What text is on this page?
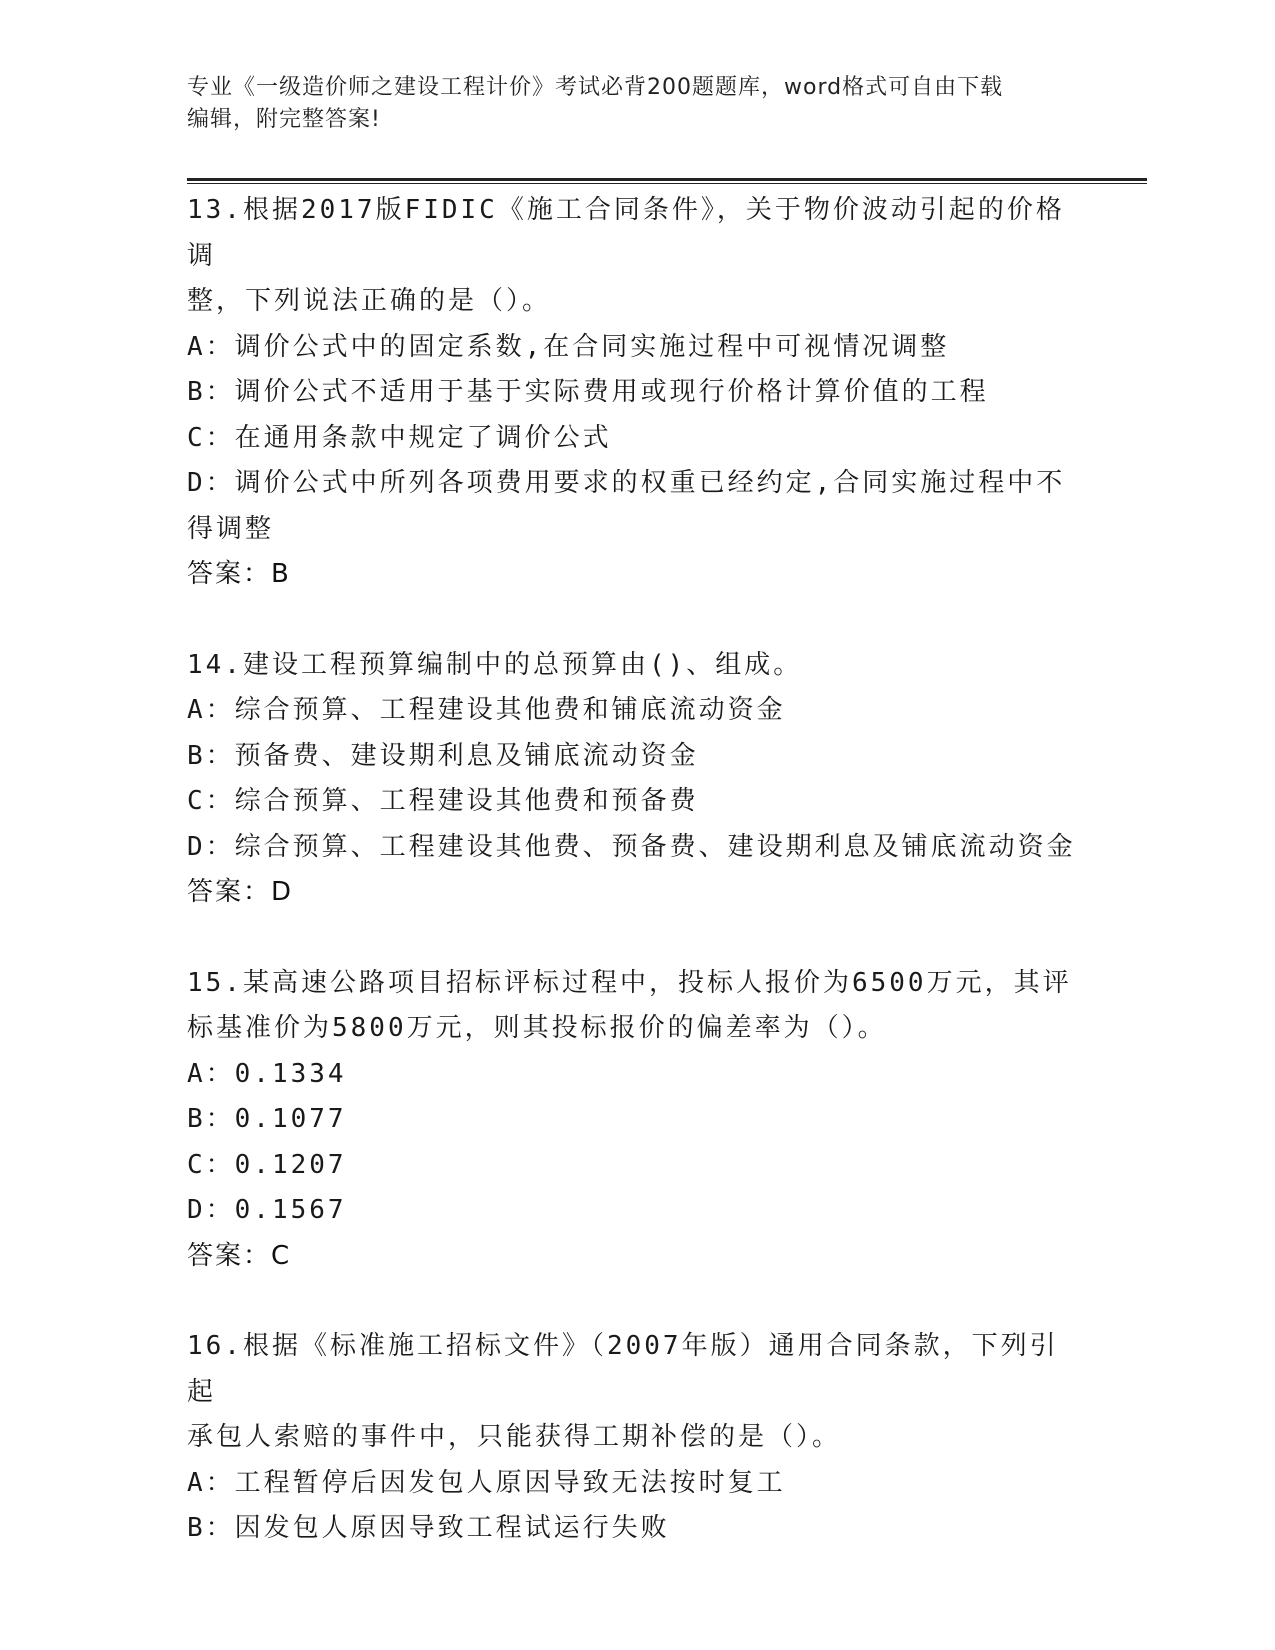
专业《一级造价师之建设工程计价》考试必背200题题库，word格式可自由下载
编辑，附完整答案!

13.根据2017版FIDIC《施工合同条件》，关于物价波动引起的价格调

整，下列说法正确的是（）。

A：调价公式中的固定系数,在合同实施过程中可视情况调整

B：调价公式不适用于基于实际费用或现行价格计算价值的工程

C：在通用条款中规定了调价公式

D：调价公式中所列各项费用要求的权重已经约定,合同实施过程中不

得调整

答案：B

14.建设工程预算编制中的总预算由()、组成。

A：综合预算、工程建设其他费和铺底流动资金

B：预备费、建设期利息及铺底流动资金

C：综合预算、工程建设其他费和预备费

D：综合预算、工程建设其他费、预备费、建设期利息及铺底流动资金

答案：D

15.某高速公路项目招标评标过程中，投标人报价为6500万元，其评

标基准价为5800万元，则其投标报价的偏差率为（）。

A：0.1334

B：0.1077

C：0.1207

D：0.1567

答案：C

16.根据《标准施工招标文件》（2007年版）通用合同条款，下列引起

承包人索赔的事件中，只能获得工期补偿的是（）。

A：工程暂停后因发包人原因导致无法按时复工

B：因发包人原因导致工程试运行失败
